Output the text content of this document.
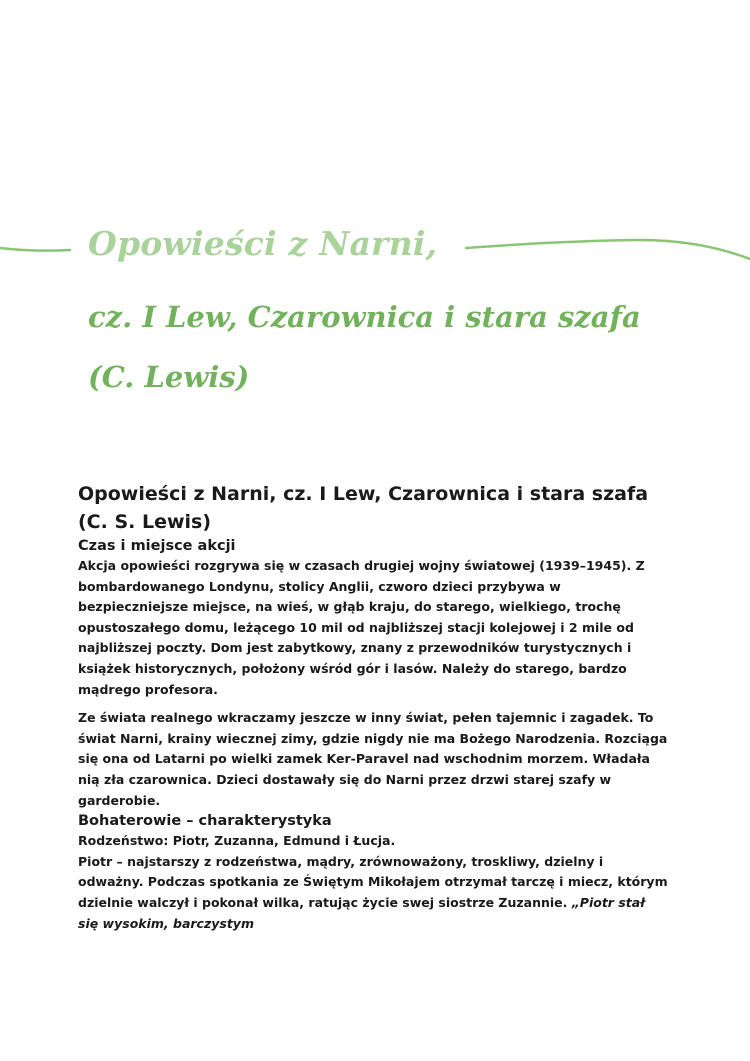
Opowieści z Narni,
cz. I Lew, Czarownica i stara szafa
(C. Lewis)
Opowieści z Narni, cz. I Lew, Czarownica i stara szafa (C. S. Lewis)
Czas i miejsce akcji

Akcja opowieści rozgrywa się w czasach drugiej wojny światowej (1939–1945). Z bombardowanego Londynu, stolicy Anglii, czworo dzieci przybywa w bezpieczniejsze miejsce, na wieś, w głąb kraju, do starego, wielkiego, trochę opustoszałego domu, leżącego 10 mil od najbliższej stacji kolejowej i 2 mile od najbliższej poczty. Dom jest zabytkowy, znany z przewodników turystycznych i książek historycznych, położony wśród gór i lasów. Należy do starego, bardzo mądrego profesora.

Ze świata realnego wkraczamy jeszcze w inny świat, pełen tajemnic i zagadek. To świat Narni, krainy wiecznej zimy, gdzie nigdy nie ma Bożego Narodzenia. Rozciąga się ona od Latarni po wielki zamek Ker-Paravel nad wschodnim morzem. Władała nią zła czarownica. Dzieci dostawały się do Narni przez drzwi starej szafy w garderobie.

Bohaterowie – charakterystyka

Rodzeństwo: Piotr, Zuzanna, Edmund i Łucja.

Piotr – najstarszy z rodzeństwa, mądry, zrównoważony, troskliwy, dzielny i odważny. Podczas spotkania ze Świętym Mikołajem otrzymał tarczę i miecz, którym dzielnie walczył i pokonał wilka, ratując życie swej siostrze Zuzannie. „Piotr stał się wysokim, barczystym
